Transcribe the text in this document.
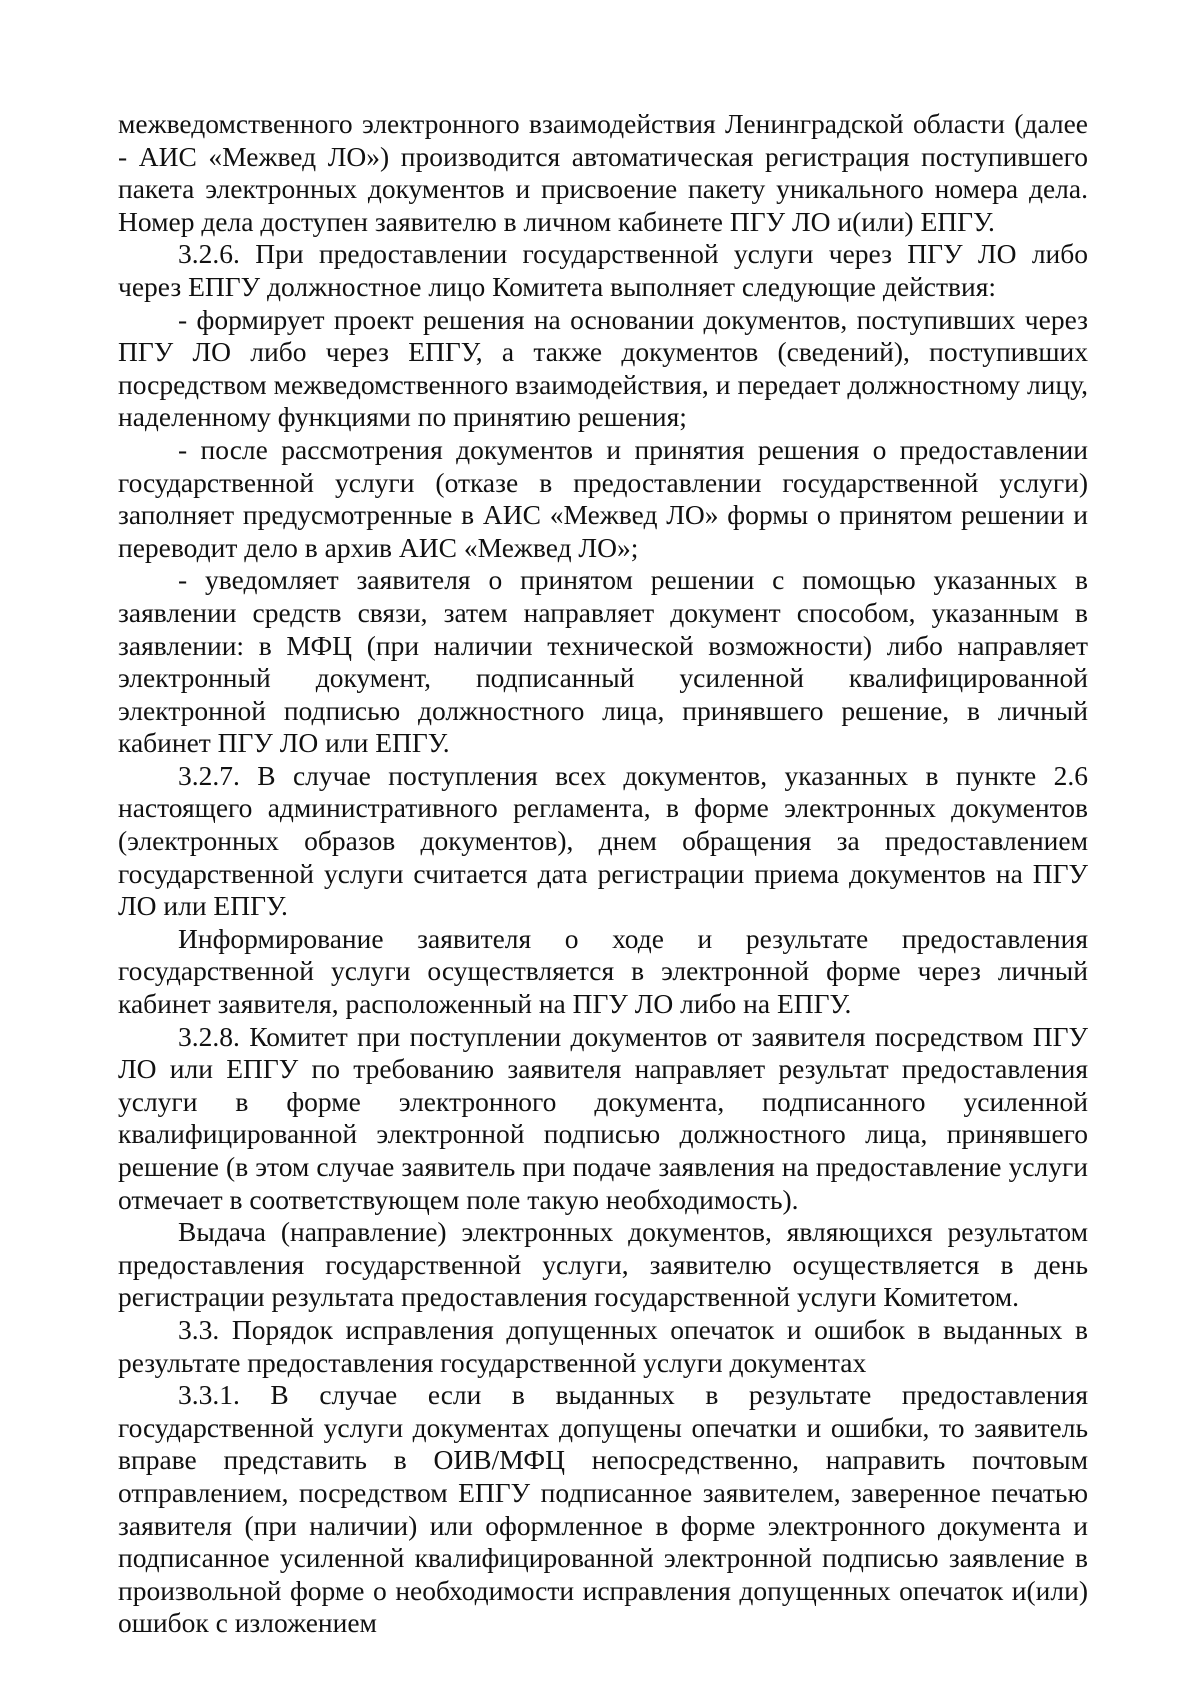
межведомственного электронного взаимодействия Ленинградской области (далее - АИС «Межвед ЛО») производится автоматическая регистрация поступившего пакета электронных документов и присвоение пакету уникального номера дела. Номер дела доступен заявителю в личном кабинете ПГУ ЛО и(или) ЕПГУ.

3.2.6. При предоставлении государственной услуги через ПГУ ЛО либо через ЕПГУ должностное лицо Комитета выполняет следующие действия:

- формирует проект решения на основании документов, поступивших через ПГУ ЛО либо через ЕПГУ, а также документов (сведений), поступивших посредством межведомственного взаимодействия, и передает должностному лицу, наделенному функциями по принятию решения;

- после рассмотрения документов и принятия решения о предоставлении государственной услуги (отказе в предоставлении государственной услуги) заполняет предусмотренные в АИС «Межвед ЛО» формы о принятом решении и переводит дело в архив АИС «Межвед ЛО»;

- уведомляет заявителя о принятом решении с помощью указанных в заявлении средств связи, затем направляет документ способом, указанным в заявлении: в МФЦ (при наличии технической возможности) либо направляет электронный документ, подписанный усиленной квалифицированной электронной подписью должностного лица, принявшего решение, в личный кабинет ПГУ ЛО или ЕПГУ.

3.2.7. В случае поступления всех документов, указанных в пункте 2.6 настоящего административного регламента, в форме электронных документов (электронных образов документов), днем обращения за предоставлением государственной услуги считается дата регистрации приема документов на ПГУ ЛО или ЕПГУ.

Информирование заявителя о ходе и результате предоставления государственной услуги осуществляется в электронной форме через личный кабинет заявителя, расположенный на ПГУ ЛО либо на ЕПГУ.

3.2.8. Комитет при поступлении документов от заявителя посредством ПГУ ЛО или ЕПГУ по требованию заявителя направляет результат предоставления услуги в форме электронного документа, подписанного усиленной квалифицированной электронной подписью должностного лица, принявшего решение (в этом случае заявитель при подаче заявления на предоставление услуги отмечает в соответствующем поле такую необходимость).

Выдача (направление) электронных документов, являющихся результатом предоставления государственной услуги, заявителю осуществляется в день регистрации результата предоставления государственной услуги Комитетом.

3.3. Порядок исправления допущенных опечаток и ошибок в выданных в результате предоставления государственной услуги документах

3.3.1. В случае если в выданных в результате предоставления государственной услуги документах допущены опечатки и ошибки, то заявитель вправе представить в ОИВ/МФЦ непосредственно, направить почтовым отправлением, посредством ЕПГУ подписанное заявителем, заверенное печатью заявителя (при наличии) или оформленное в форме электронного документа и подписанное усиленной квалифицированной электронной подписью заявление в произвольной форме о необходимости исправления допущенных опечаток и(или) ошибок с изложением
